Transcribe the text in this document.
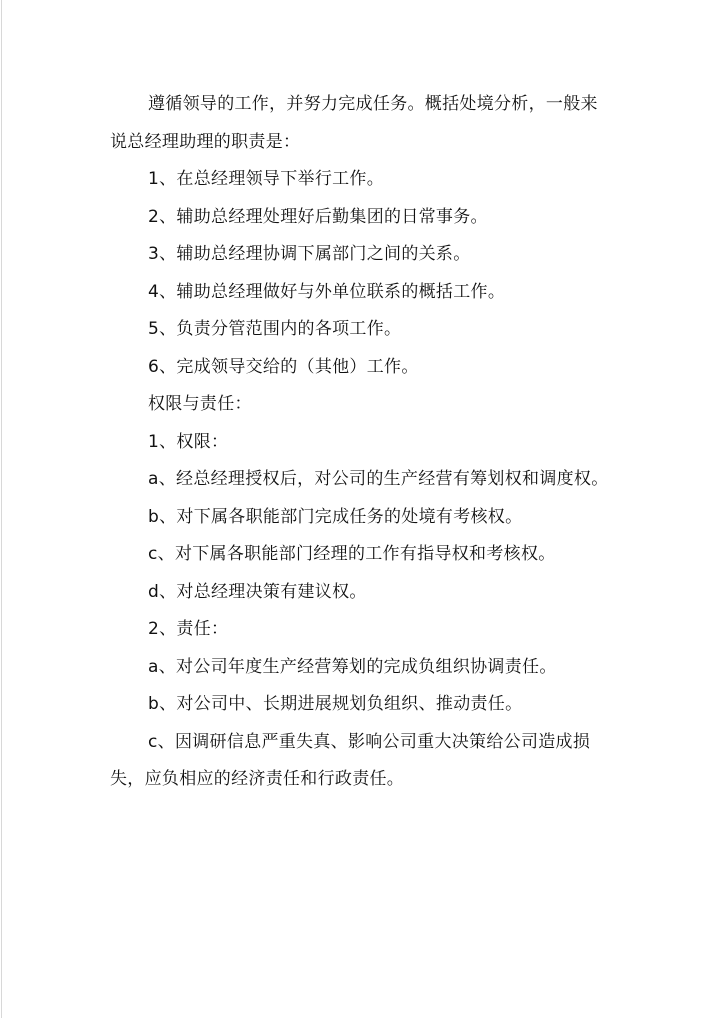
遵循领导的工作，并努力完成任务。概括处境分析，一般来说总经理助理的职责是：

1、在总经理领导下举行工作。

2、辅助总经理处理好后勤集团的日常事务。

3、辅助总经理协调下属部门之间的关系。

4、辅助总经理做好与外单位联系的概括工作。

5、负责分管范围内的各项工作。

6、完成领导交给的（其他）工作。

权限与责任：

1、权限：

a、经总经理授权后，对公司的生产经营有筹划权和调度权。

b、对下属各职能部门完成任务的处境有考核权。

c、对下属各职能部门经理的工作有指导权和考核权。

d、对总经理决策有建议权。

2、责任：

a、对公司年度生产经营筹划的完成负组织协调责任。

b、对公司中、长期进展规划负组织、推动责任。

c、因调研信息严重失真、影响公司重大决策给公司造成损失，应负相应的经济责任和行政责任。
